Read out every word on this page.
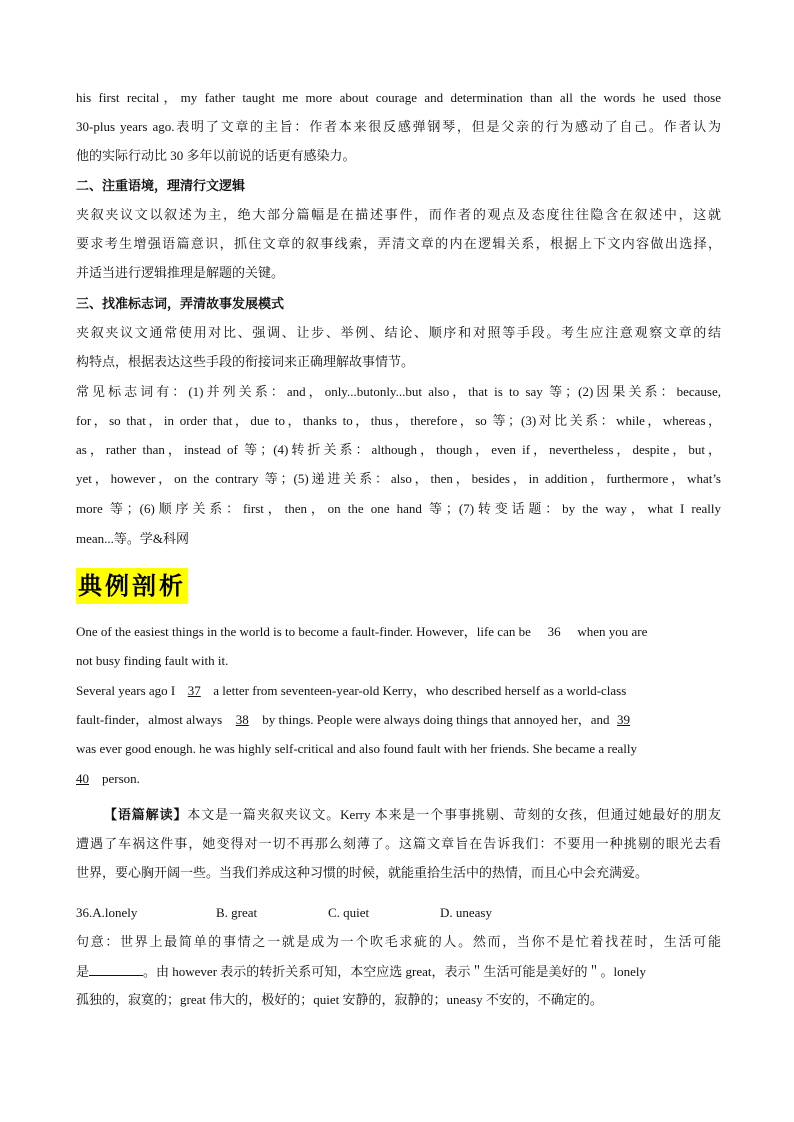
his first recital，my father taught me more about courage and determination than all the words he used those
30-plus years ago.表明了文章的主旨：作者本来很反感弹钢琴，但是父亲的行为感动了自己。作者认为
他的实际行动比 30 多年以前说的话更有感染力。
二、注重语境，理清行文逻辑
夹叙夹议文以叙述为主，绝大部分篇幅是在描述事件，而作者的观点及态度往往隐含在叙述中，这就
要求考生增强语篇意识，抓住文章的叙事线索，弄清文章的内在逻辑关系，根据上下文内容做出选择，
并适当进行逻辑推理是解题的关键。
三、找准标志词，弄清故事发展模式
夹叙夹议文通常使用对比、强调、让步、举例、结论、顺序和对照等手段。考生应注意观察文章的结
构特点，根据表达这些手段的衔接词来正确理解故事情节。
常见标志词有：(1)并列关系：and，only...butonly...but also，that is to say 等；(2)因果关系：because,
for，so that，in order that，due to，thanks to，thus，therefore，so 等；(3)对比关系：while，whereas，
as，rather than，instead of 等；(4)转折关系：although，though，even if，nevertheless，despite，but，
yet，however，on the contrary 等；(5)递进关系：also，then，besides，in addition，furthermore，what’s
more 等；(6)顺序关系：first，then，on the one hand 等；(7)转变话题：by the way，what I really
mean...等。学&科网
典例剖析
One of the easiest things in the world is to become a fault-finder. However，life can be 36 when you are
not busy finding fault with it.
Several years ago I 37 a letter from seventeen-year-old Kerry，who described herself as a world-class
fault-finder，almost always 38 by things. People were always doing things that annoyed her，and 39
was ever good enough. he was highly self-critical and also found fault with her friends. She became a really
40 person.
【语篇解读】本文是一篇夹叙夹议文。Kerry 本来是一个事事挑剔、苛刻的女孩，但通过她最好的朋友
遭遇了车祸这件事，她变得对一切不再那么刻薄了。这篇文章旨在告诉我们：不要用一种挑剔的眼光去看
世界，要心胸开阔一些。当我们养成这种习惯的时候，就能重拾生活中的热情，而且心中会充满爱。
36.A.lonely	B. great	C. quiet	D. uneasy
句意：世界上最简单的事情之一就是成为一个吹毛求疵的人。然而，当你不是忙着找茬时，生活可能
是	。由 however 表示的转折关系可知，本空应选 great，表示＂生活可能是美好的＂。lonely
孤独的，寂寞的；great 伟大的，极好的；quiet 安静的，寂静的；uneasy 不安的，不确定的。
